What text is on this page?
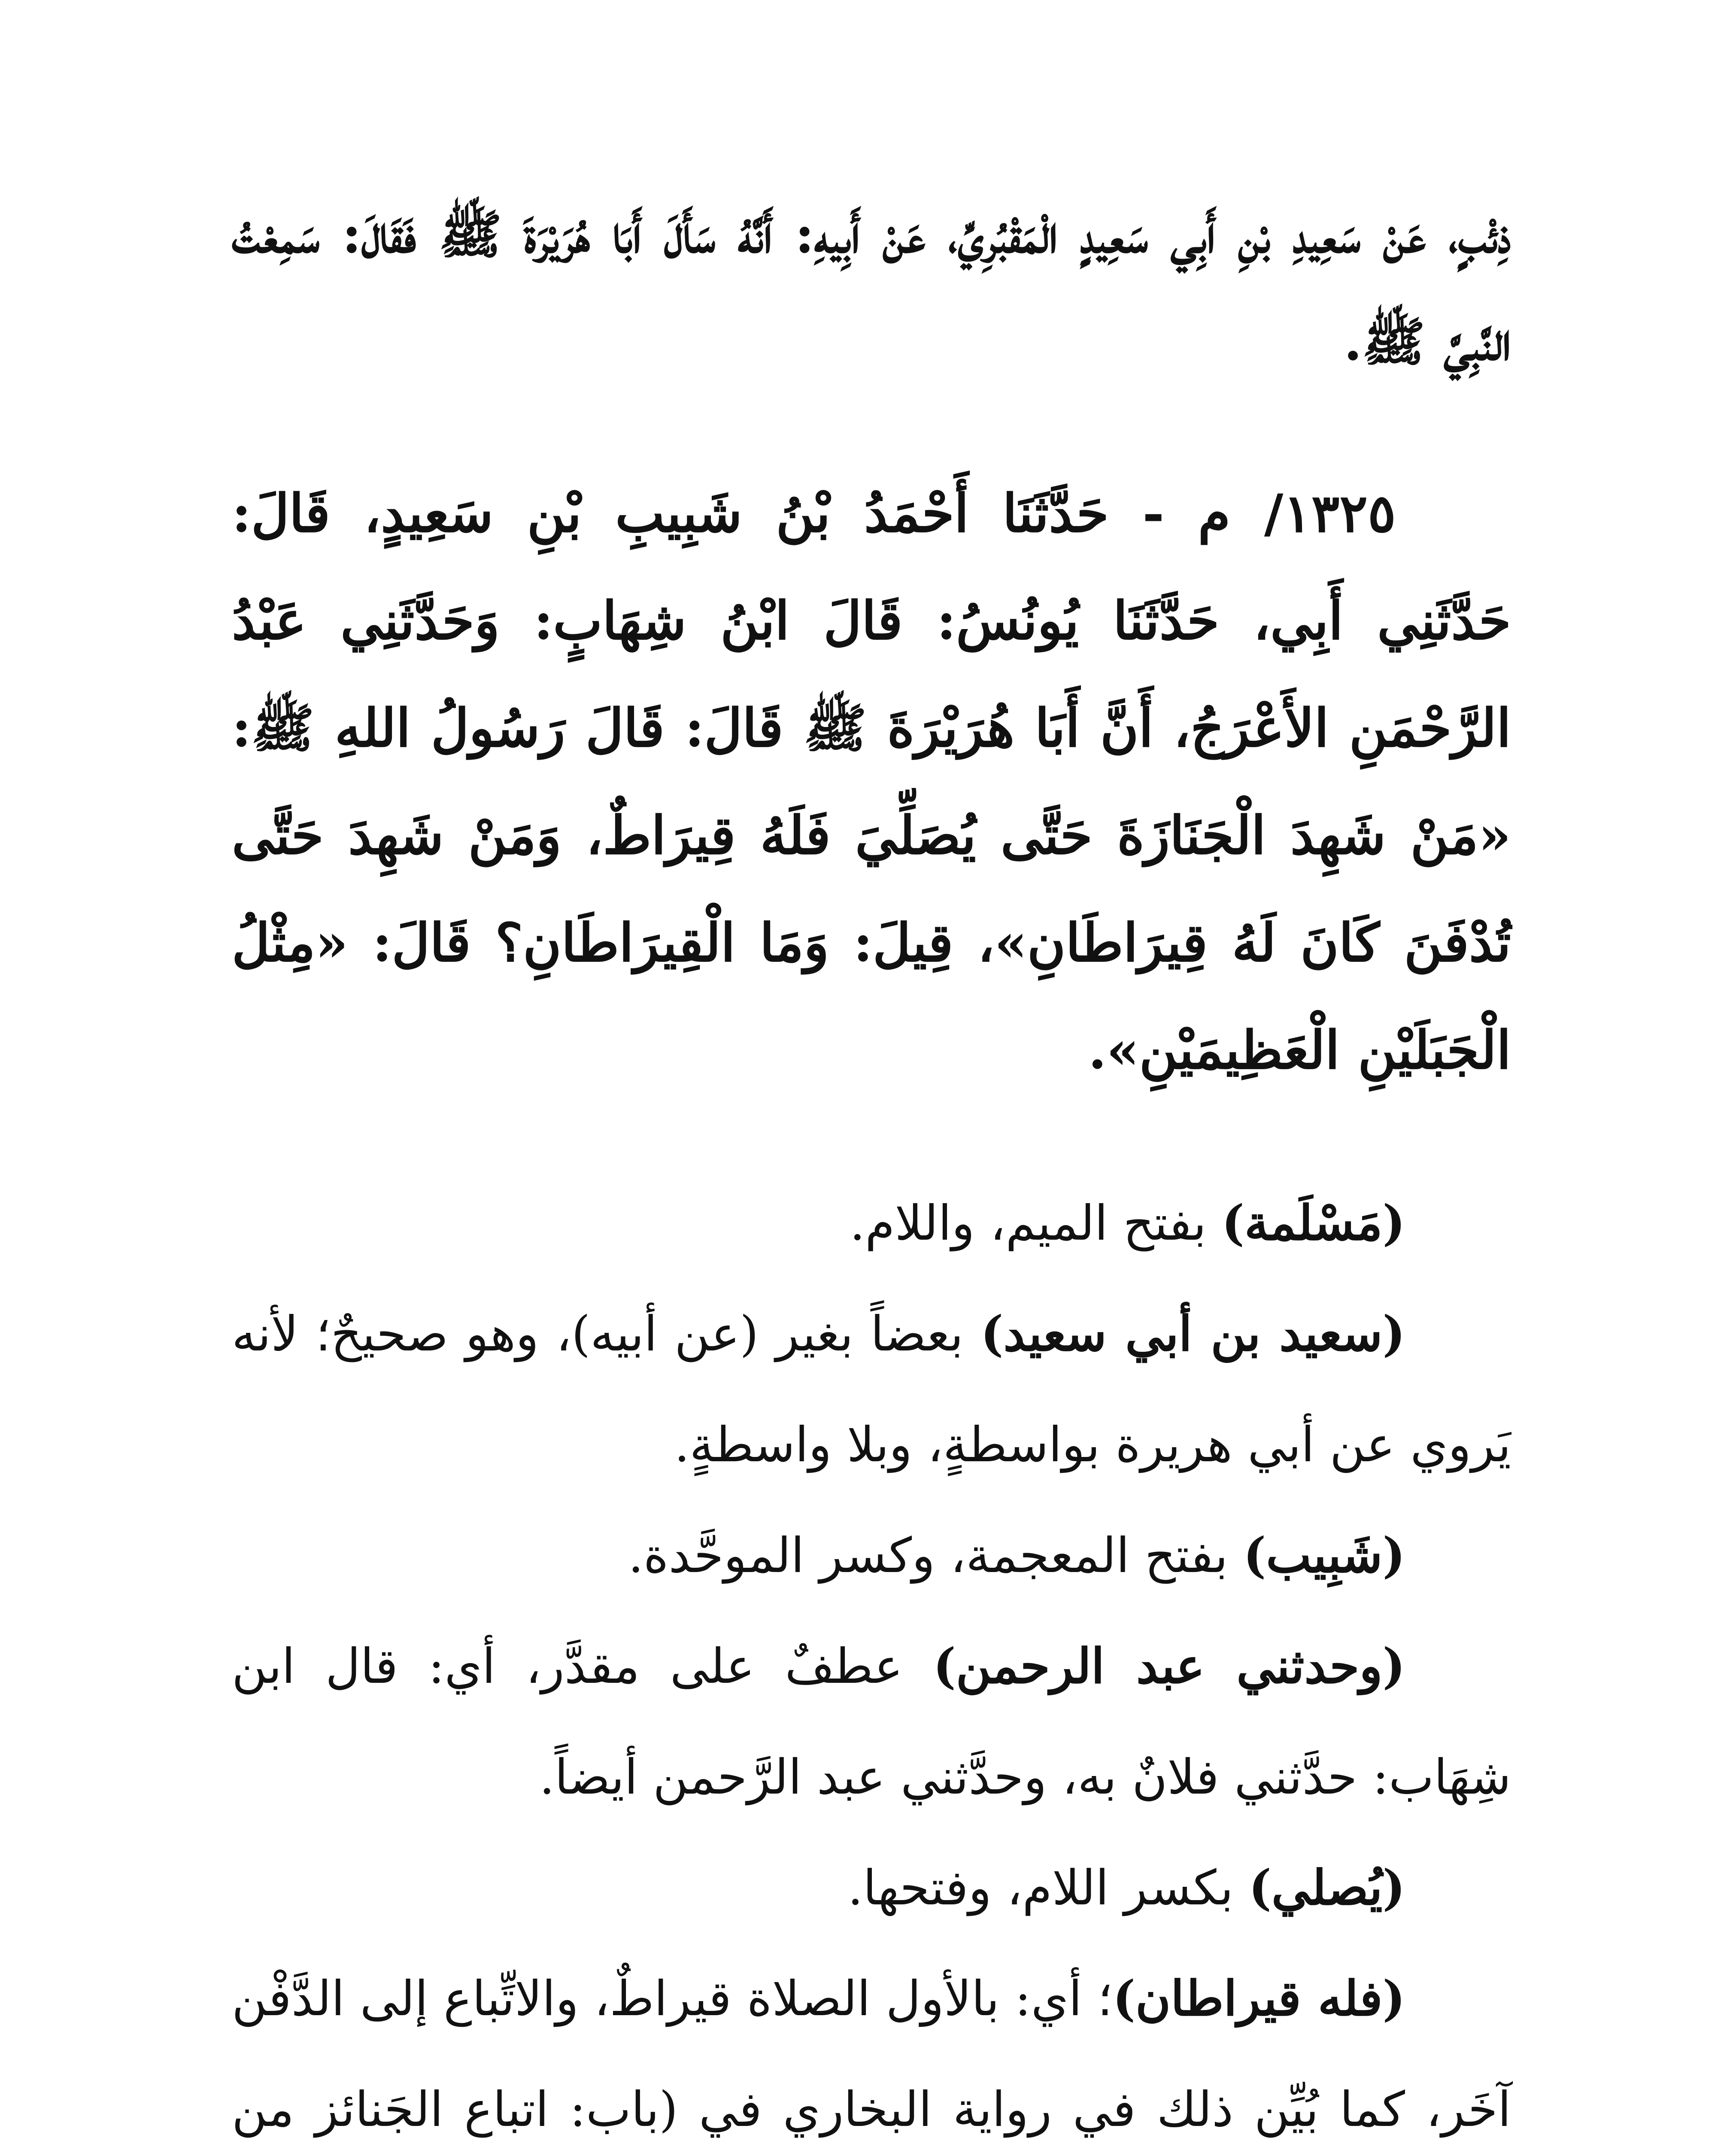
ذِئْبٍ، عَنْ سَعِيدِ بْنِ أَبِي سَعِيدٍ الْمَقْبُرِيِّ، عَنْ أَبِيهِ: أَنَّهُ سَأَلَ أَبَا هُرَيْرَةَ ﷺ فَقَالَ: سَمِعْتُ النَّبِيَّ ﷺ.

١٣٢٥/ م - حَدَّثَنَا أَحْمَدُ بْنُ شَبِيبِ بْنِ سَعِيدٍ، قَالَ: حَدَّثَنِي أَبِي، حَدَّثَنَا يُونُسُ: قَالَ ابْنُ شِهَابٍ: وَحَدَّثَنِي عَبْدُ الرَّحْمَنِ الأَعْرَجُ، أَنَّ أَبَا هُرَيْرَةَ ﷺ قَالَ: قَالَ رَسُولُ اللهِ ﷺ: «مَنْ شَهِدَ الْجَنَازَةَ حَتَّى يُصَلِّيَ فَلَهُ قِيرَاطٌ، وَمَنْ شَهِدَ حَتَّى تُدْفَنَ كَانَ لَهُ قِيرَاطَانِ»، قِيلَ: وَمَا الْقِيرَاطَانِ؟ قَالَ: «مِثْلُ الْجَبَلَيْنِ الْعَظِيمَيْنِ».

(مَسْلَمة) بفتح الميم، واللام.

(سعيد بن أبي سعيد) بعضاً بغير (عن أبيه)، وهو صحيحٌ؛ لأنه يَروي عن أبي هريرة بواسطةٍ، وبلا واسطةٍ.

(شَبِيب) بفتح المعجمة، وكسر الموحَّدة.

(وحدثني عبد الرحمن) عطفٌ على مقدَّر، أي: قال ابن شِهَاب: حدَّثني فلانٌ به، وحدَّثني عبد الرَّحمن أيضاً.

(يُصلي) بكسر اللام، وفتحها.

(فله قيراطان)؛ أي: بالأول الصلاة قيراطٌ، والاتِّباع إلى الدَّفْن آخَر، كما بُيِّن ذلك في رواية البخاري في (باب: اتباع الجَنائز من
